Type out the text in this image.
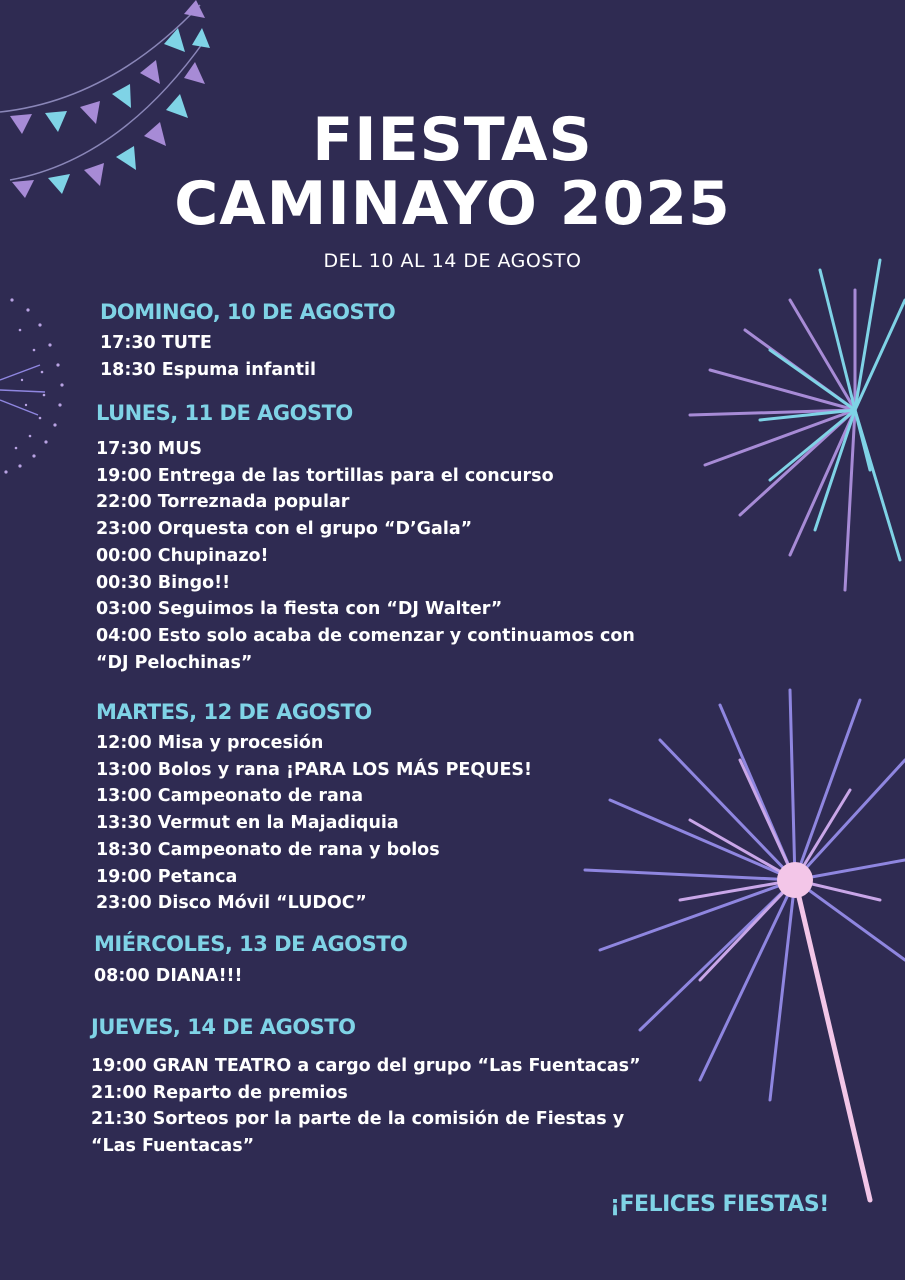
FIESTAS
CAMINAYO 2025
DEL 10 AL 14 DE AGOSTO
DOMINGO, 10 DE AGOSTO
17:30 TUTE
18:30 Espuma infantil
LUNES, 11 DE AGOSTO
17:30 MUS
19:00 Entrega de las tortillas para el concurso
22:00 Torreznada popular
23:00 Orquesta con el grupo “D’Gala”
00:00 Chupinazo!
00:30 Bingo!!
03:00 Seguimos la fiesta con “DJ Walter”
04:00 Esto solo acaba de comenzar y continuamos con
“DJ Pelochinas”
MARTES, 12 DE AGOSTO
12:00 Misa y procesión
13:00 Bolos y rana ¡PARA LOS MÁS PEQUES!
13:00 Campeonato de rana
13:30 Vermut en la Majadiquia
18:30 Campeonato de rana y bolos
19:00 Petanca
23:00 Disco Móvil “LUDOC”
MIÉRCOLES, 13 DE AGOSTO
08:00 DIANA!!!
JUEVES, 14 DE AGOSTO
19:00 GRAN TEATRO a cargo del grupo “Las Fuentacas”
21:00 Reparto de premios
21:30 Sorteos por la parte de la comisión de Fiestas y
“Las Fuentacas”
¡FELICES FIESTAS!
